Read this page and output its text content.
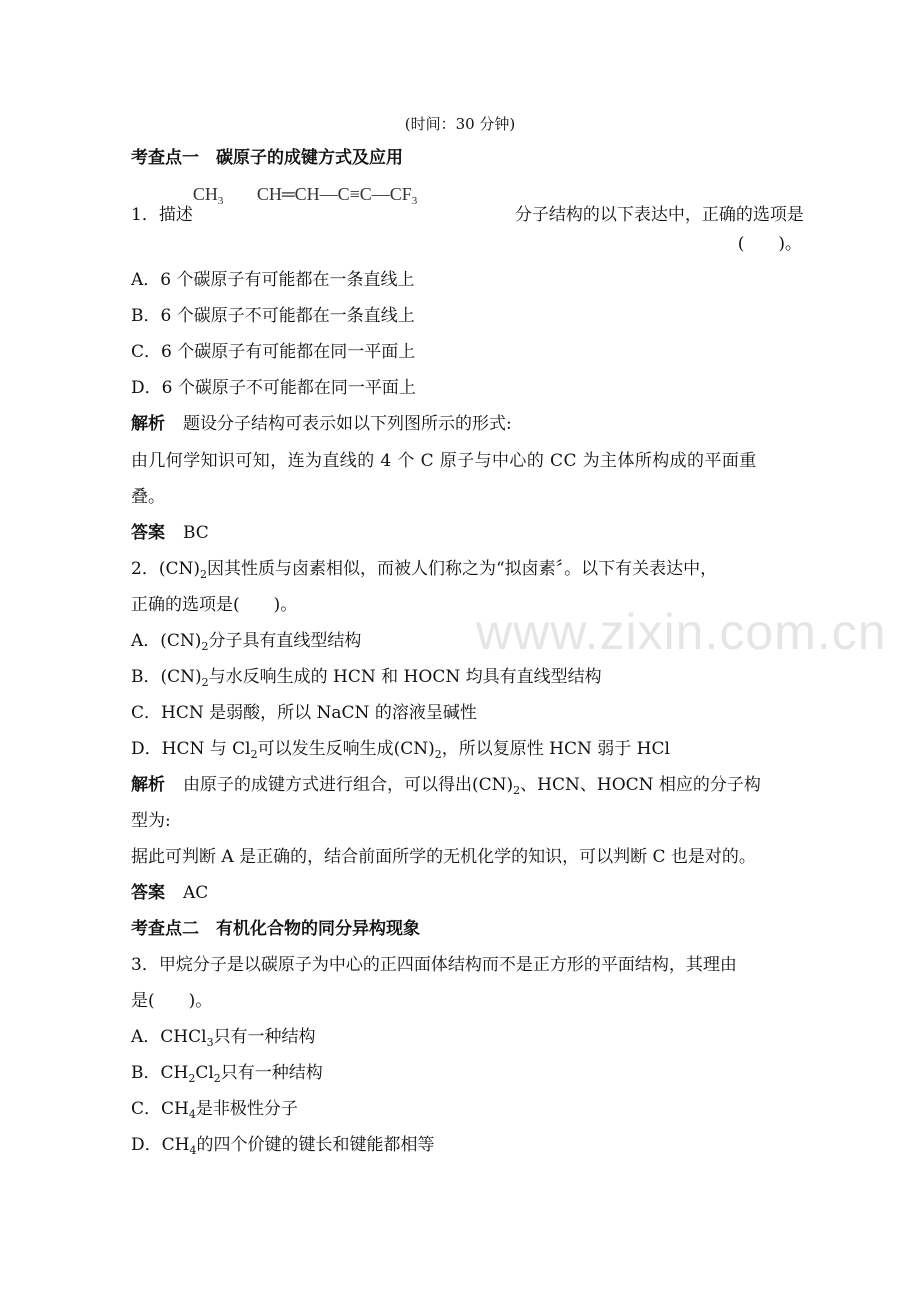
www.zixin.com.cn
(时间：30 分钟)
考查点一　碳原子的成键方式及应用
1．描述
$CH_3$ $CH═CH—C\equiv C—CF_3$
分子结构的以下表达中，正确的选项是
(　　)。
A．6 个碳原子有可能都在一条直线上
B．6 个碳原子不可能都在一条直线上
C．6 个碳原子有可能都在同一平面上
D．6 个碳原子不可能都在同一平面上
解析 题设分子结构可表示如以下列图所示的形式:
由几何学知识可知，连为直线的 4 个 C 原子与中心的 CC 为主体所构成的平面重
叠。
答案 BC
2．$(CN)_2$因其性质与卤素相似，而被人们称之为“拟卤素〞。以下有关表达中，
正确的选项是(　　)。
A．$(CN)_2$分子具有直线型结构
B．$(CN)_2$与水反响生成的 HCN 和 HOCN 均具有直线型结构
C．HCN 是弱酸，所以 NaCN 的溶液呈碱性
D．HCN 与 $Cl_2$可以发生反响生成$(CN)_2$，所以复原性 HCN 弱于 HCl
解析 由原子的成键方式进行组合，可以得出$(CN)_2$、HCN、HOCN 相应的分子构
型为:
据此可判断 A 是正确的，结合前面所学的无机化学的知识，可以判断 C 也是对的。
答案 AC
考查点二　有机化合物的同分异构现象
3．甲烷分子是以碳原子为中心的正四面体结构而不是正方形的平面结构，其理由
是(　　)。
A．CHCl$_3$只有一种结构
B．$CH_2Cl_2$只有一种结构
C．$CH_4$是非极性分子
D．$CH_4$的四个价键的键长和键能都相等
